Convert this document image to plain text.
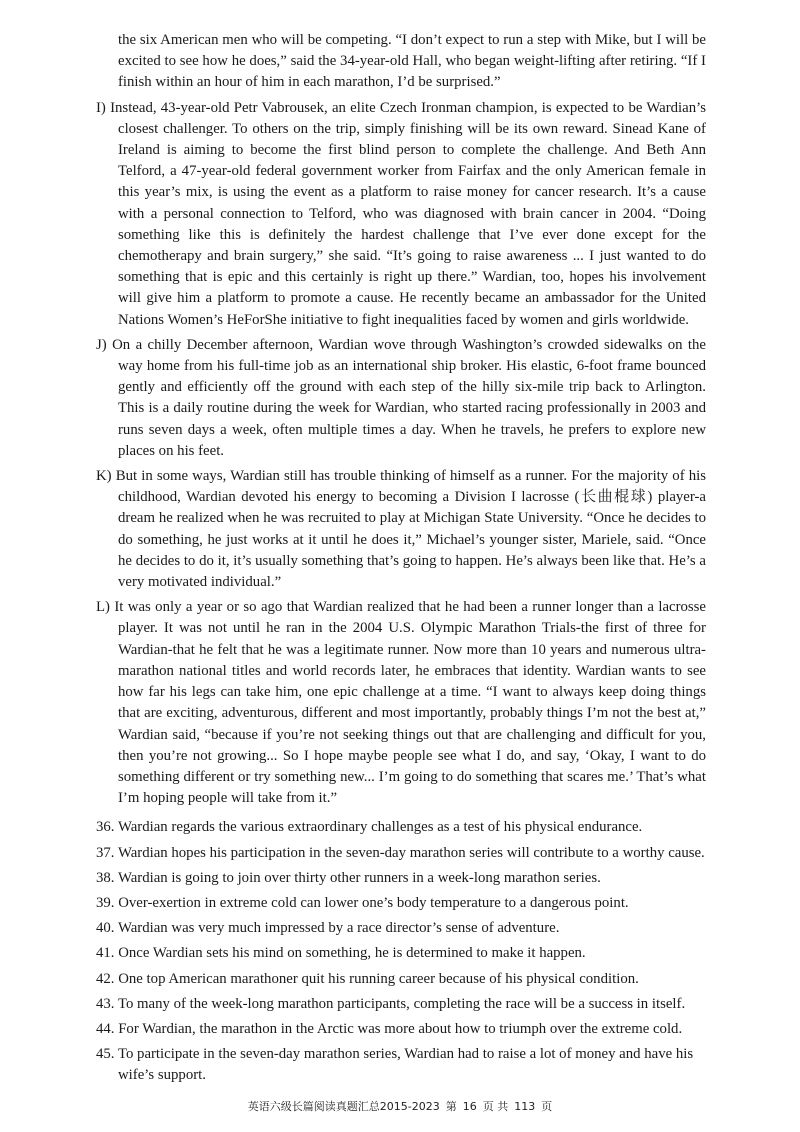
the six American men who will be competing. “I don’t expect to run a step with Mike, but I will be excited to see how he does,” said the 34-year-old Hall, who began weight-lifting after retiring. “If I finish within an hour of him in each marathon, I’d be surprised.”

I) Instead, 43-year-old Petr Vabrousek, an elite Czech Ironman champion, is expected to be Wardian’s closest challenger. To others on the trip, simply finishing will be its own reward. Sinead Kane of Ireland is aiming to become the first blind person to complete the challenge. And Beth Ann Telford, a 47-year-old federal government worker from Fairfax and the only American female in this year’s mix, is using the event as a platform to raise money for cancer research. It’s a cause with a personal connection to Telford, who was diagnosed with brain cancer in 2004. “Doing something like this is definitely the hardest challenge that I’ve ever done except for the chemotherapy and brain surgery,” she said. “It’s going to raise awareness ... I just wanted to do something that is epic and this certainly is right up there.” Wardian, too, hopes his involvement will give him a platform to promote a cause. He recently became an ambassador for the United Nations Women’s HeForShe initiative to fight inequalities faced by women and girls worldwide.

J) On a chilly December afternoon, Wardian wove through Washington’s crowded sidewalks on the way home from his full-time job as an international ship broker. His elastic, 6-foot frame bounced gently and efficiently off the ground with each step of the hilly six-mile trip back to Arlington. This is a daily routine during the week for Wardian, who started racing professionally in 2003 and runs seven days a week, often multiple times a day. When he travels, he prefers to explore new places on his feet.

K) But in some ways, Wardian still has trouble thinking of himself as a runner. For the majority of his childhood, Wardian devoted his energy to becoming a Division I lacrosse (长曲棍球) player-a dream he realized when he was recruited to play at Michigan State University. “Once he decides to do something, he just works at it until he does it,” Michael’s younger sister, Mariele, said. “Once he decides to do it, it’s usually something that’s going to happen. He’s always been like that. He’s a very motivated individual.”

L) It was only a year or so ago that Wardian realized that he had been a runner longer than a lacrosse player. It was not until he ran in the 2004 U.S. Olympic Marathon Trials-the first of three for Wardian-that he felt that he was a legitimate runner. Now more than 10 years and numerous ultra-marathon national titles and world records later, he embraces that identity. Wardian wants to see how far his legs can take him, one epic challenge at a time. “I want to always keep doing things that are exciting, adventurous, different and most importantly, probably things I’m not the best at,” Wardian said, “because if you’re not seeking things out that are challenging and difficult for you, then you’re not growing... So I hope maybe people see what I do, and say, ‘Okay, I want to do something different or try something new... I’m going to do something that scares me.’ That’s what I’m hoping people will take from it.”

36. Wardian regards the various extraordinary challenges as a test of his physical endurance.

37. Wardian hopes his participation in the seven-day marathon series will contribute to a worthy cause.

38. Wardian is going to join over thirty other runners in a week-long marathon series.

39. Over-exertion in extreme cold can lower one’s body temperature to a dangerous point.

40. Wardian was very much impressed by a race director’s sense of adventure.

41. Once Wardian sets his mind on something, he is determined to make it happen.

42. One top American marathoner quit his running career because of his physical condition.

43. To many of the week-long marathon participants, completing the race will be a success in itself.

44. For Wardian, the marathon in the Arctic was more about how to triumph over the extreme cold.

45. To participate in the seven-day marathon series, Wardian had to raise a lot of money and have his wife’s support.

英语六级长篇阅读真题汇总2015-2023 第 16 页 共 113 页
